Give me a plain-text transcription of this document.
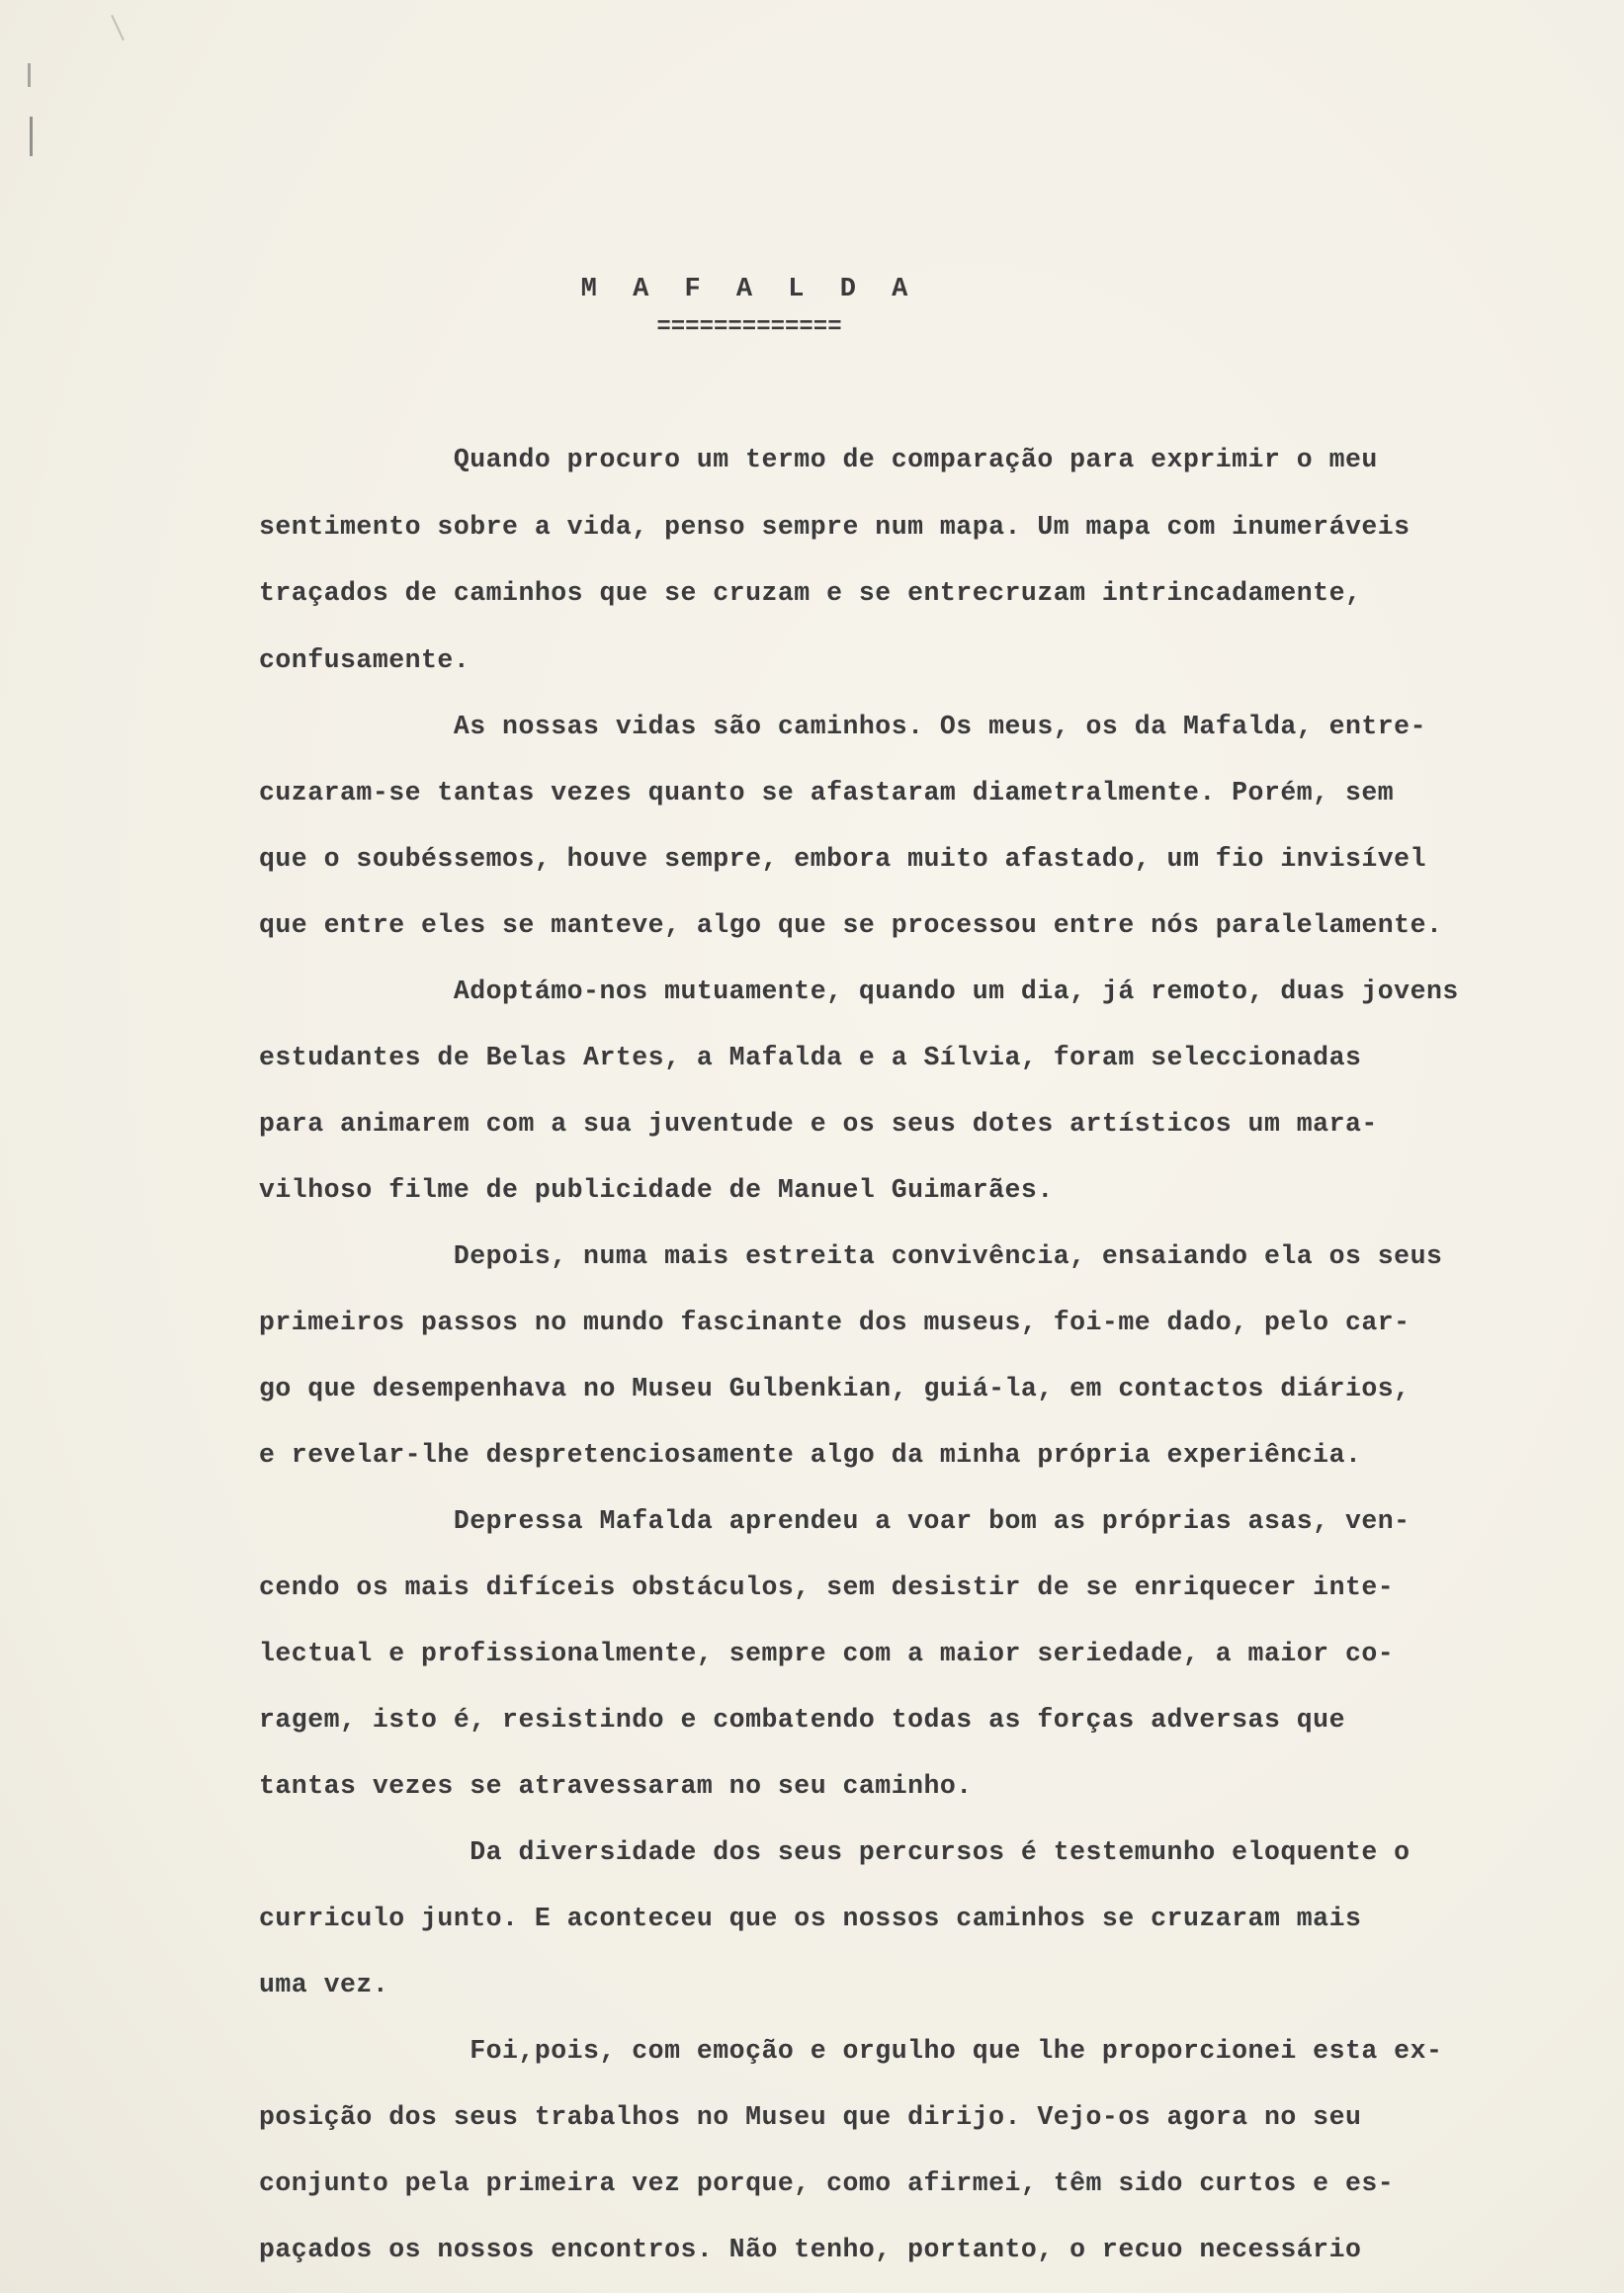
M A F A L D A
=============
Quando procuro um termo de comparação para exprimir o meu
sentimento sobre a vida, penso sempre num mapa. Um mapa com inumeráveis
traçados de caminhos que se cruzam e se entrecruzam intrincadamente,
confusamente.
As nossas vidas são caminhos. Os meus, os da Mafalda, entre-
cuzaram-se tantas vezes quanto se afastaram diametralmente. Porém, sem
que o soubéssemos, houve sempre, embora muito afastado, um fio invisível
que entre eles se manteve, algo que se processou entre nós paralelamente.
Adoptámo-nos mutuamente, quando um dia, já remoto, duas jovens
estudantes de Belas Artes, a Mafalda e a Sílvia, foram seleccionadas
para animarem com a sua juventude e os seus dotes artísticos um mara-
vilhoso filme de publicidade de Manuel Guimarães.
Depois, numa mais estreita convivência, ensaiando ela os seus
primeiros passos no mundo fascinante dos museus, foi-me dado, pelo car-
go que desempenhava no Museu Gulbenkian, guiá-la, em contactos diários,
e revelar-lhe despretenciosamente algo da minha própria experiência.
Depressa Mafalda aprendeu a voar bom as próprias asas, ven-
cendo os mais difíceis obstáculos, sem desistir de se enriquecer inte-
lectual e profissionalmente, sempre com a maior seriedade, a maior co-
ragem, isto é, resistindo e combatendo todas as forças adversas que
tantas vezes se atravessaram no seu caminho.
Da diversidade dos seus percursos é testemunho eloquente o
curriculo junto. E aconteceu que os nossos caminhos se cruzaram mais
uma vez.
Foi,pois, com emoção e orgulho que lhe proporcionei esta ex-
posição dos seus trabalhos no Museu que dirijo. Vejo-os agora no seu
conjunto pela primeira vez porque, como afirmei, têm sido curtos e es-
paçados os nossos encontros. Não tenho, portanto, o recuo necessário
